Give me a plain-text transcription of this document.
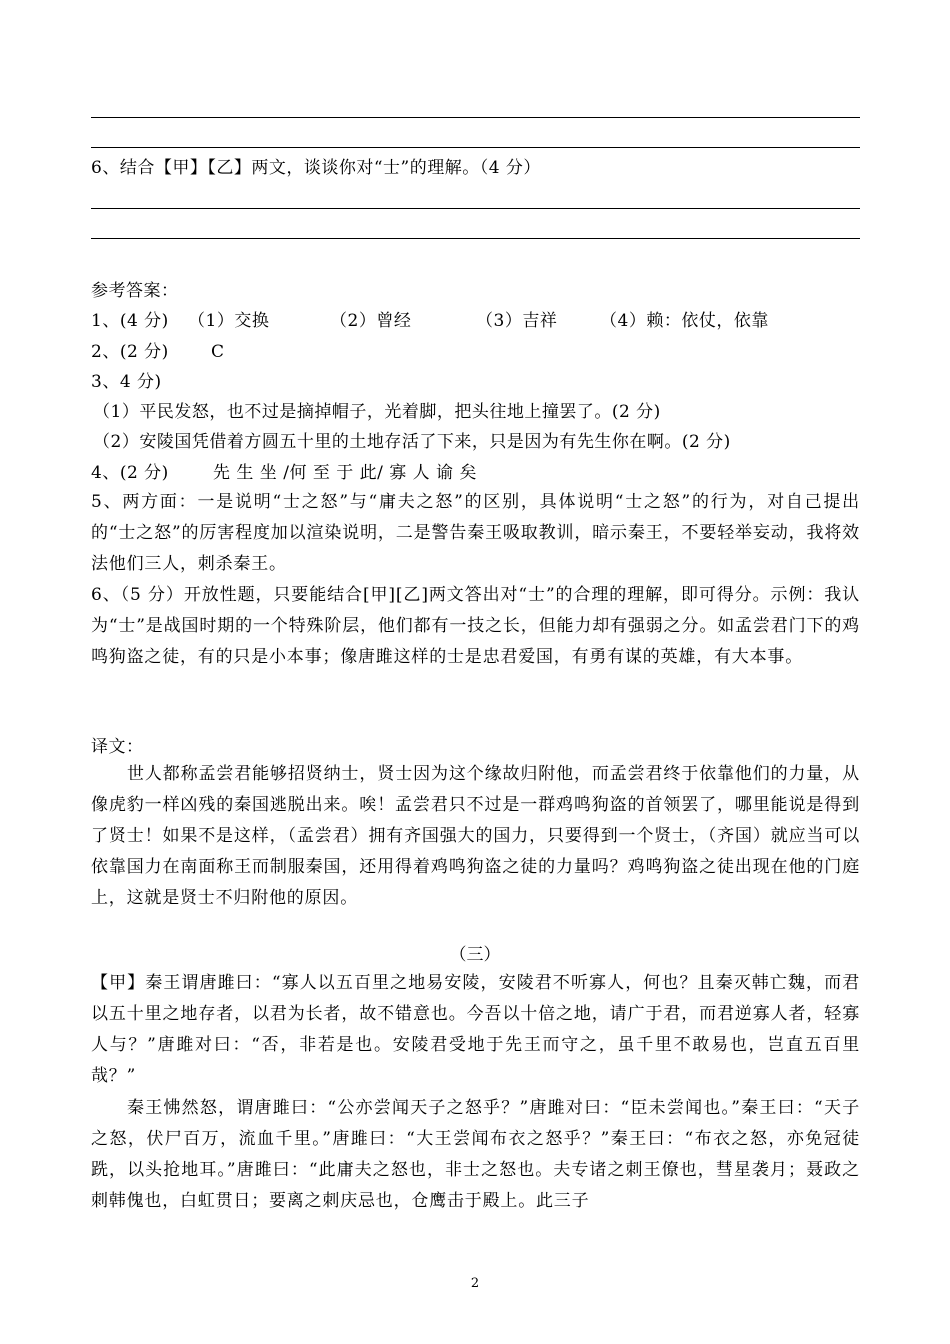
6、结合【甲】【乙】两文，谈谈你对“士”的理解。（4 分）
参考答案：
1、(4 分) （1）交换	（2）曾经	（3）吉祥	（4）赖：依仗，依靠
2、(2 分) C
3、4 分)
（1）平民发怒，也不过是摘掉帽子，光着脚，把头往地上撞罢了。(2 分)
（2）安陵国凭借着方圆五十里的土地存活了下来，只是因为有先生你在啊。(2 分)
4、(2 分)	先 生 坐 /何 至 于 此/ 寡 人 谕 矣
5、两方面：一是说明“士之怒”与“庸夫之怒”的区别，具体说明“士之怒”的行为，对自己提出的“士之怒”的厉害程度加以渲染说明，二是警告秦王吸取教训，暗示秦王，不要轻举妄动，我将效法他们三人，刺杀秦王。
6、（5 分）开放性题，只要能结合[甲][乙]两文答出对“士”的合理的理解，即可得分。示例：我认为“士”是战国时期的一个特殊阶层，他们都有一技之长，但能力却有强弱之分。如孟尝君门下的鸡鸣狗盗之徒，有的只是小本事；像唐雎这样的士是忠君爱国，有勇有谋的英雄，有大本事。
译文：
世人都称孟尝君能够招贤纳士，贤士因为这个缘故归附他，而孟尝君终于依靠他们的力量，从像虎豹一样凶残的秦国逃脱出来。唉！孟尝君只不过是一群鸡鸣狗盗的首领罢了，哪里能说是得到了贤士！如果不是这样，（孟尝君）拥有齐国强大的国力，只要得到一个贤士，（齐国）就应当可以依靠国力在南面称王而制服秦国，还用得着鸡鸣狗盗之徒的力量吗？鸡鸣狗盗之徒出现在他的门庭上，这就是贤士不归附他的原因。
（三）
【甲】秦王谓唐雎曰：“寡人以五百里之地易安陵，安陵君不听寡人，何也？且秦灭韩亡魏，而君以五十里之地存者，以君为长者，故不错意也。今吾以十倍之地，请广于君，而君逆寡人者，轻寡人与？”唐雎对曰：“否，非若是也。安陵君受地于先王而守之，虽千里不敢易也，岂直五百里哉？”
秦王怫然怒，谓唐雎曰：“公亦尝闻天子之怒乎？”唐雎对曰：“臣未尝闻也。”秦王曰：“天子之怒，伏尸百万，流血千里。”唐雎曰：“大王尝闻布衣之怒乎？”秦王曰：“布衣之怒，亦免冠徒跣，以头抢地耳。”唐雎曰：“此庸夫之怒也，非士之怒也。夫专诸之刺王僚也，彗星袭月；聂政之刺韩傀也，白虹贯日；要离之刺庆忌也，仓鹰击于殿上。此三子
2
